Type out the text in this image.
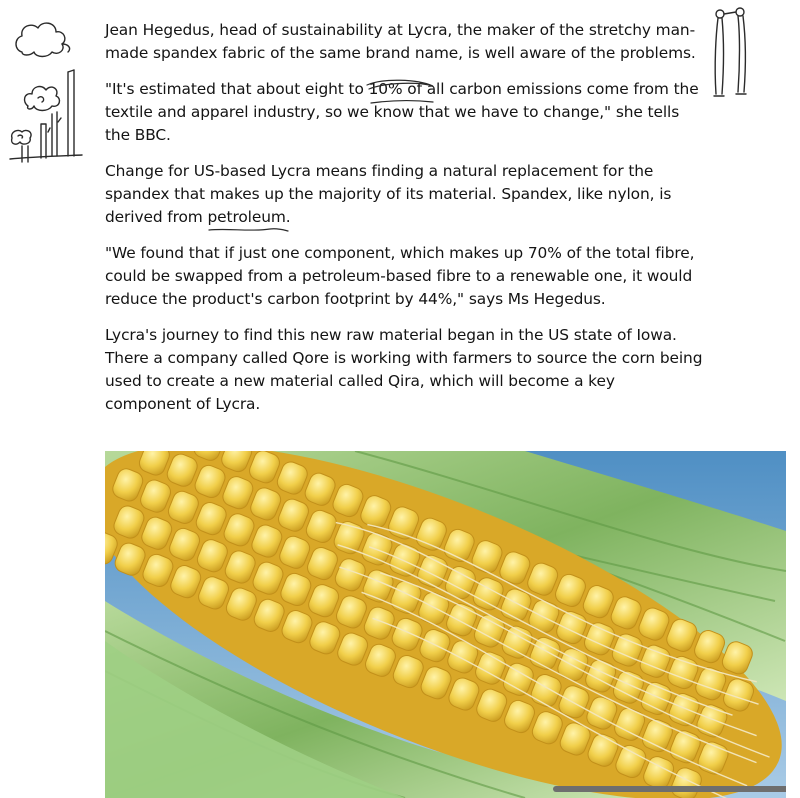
Jean Hegedus, head of sustainability at Lycra, the maker of the stretchy man-made spandex fabric of the same brand name, is well aware of the problems.

"It's estimated that about eight to
10% of all carbon emissions come from the textile and apparel industry, so we know that we have to change," she tells the BBC.

Change for US-based Lycra means finding a natural replacement for the spandex that makes up the majority of its material. Spandex, like nylon, is derived from petroleum
.

"We found that if just one component, which makes up 70% of the total fibre, could be swapped from a petroleum-based fibre to a renewable one, it would reduce the product's carbon footprint by 44%," says Ms Hegedus.

Lycra's journey to find this new raw material began in the US state of Iowa. There a company called Qore is working with farmers to source the corn being used to create a new material called Qira, which will become a key component of Lycra.
